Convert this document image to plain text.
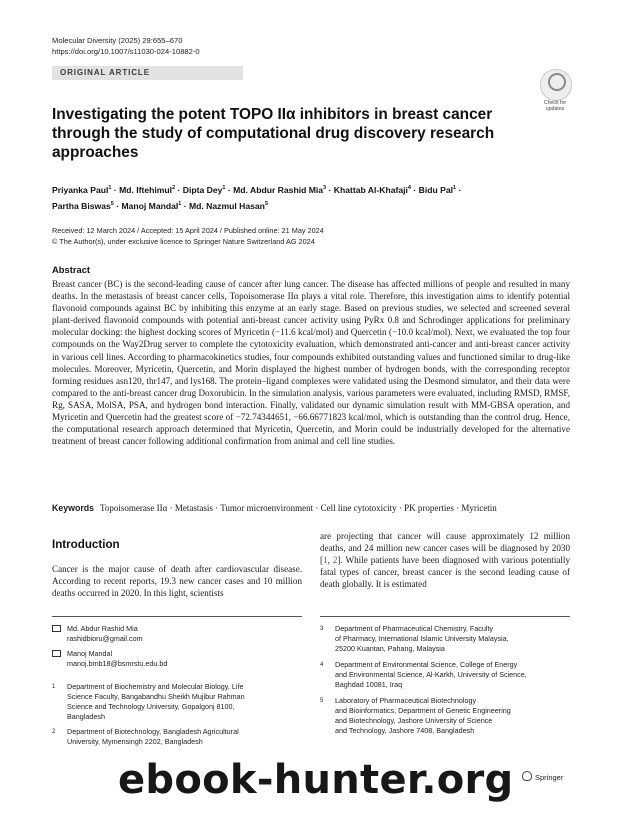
Molecular Diversity (2025) 29:655–670
https://doi.org/10.1007/s11030-024-10882-0
ORIGINAL ARTICLE
Check for
updates
Investigating the potent TOPO IIα inhibitors in breast cancer through the study of computational drug discovery research approaches
Priyanka Paul$^1$ · Md. Iftehimul$^2$ · Dipta Dey$^1$ · Md. Abdur Rashid Mia$^3$ · Khattab Al‑Khafaji$^4$ · Bidu Pal$^1$ ·
Partha Biswas$^5$ · Manoj Mandal$^1$ · Md. Nazmul Hasan$^5$
Received: 12 March 2024 / Accepted: 15 April 2024 / Published online: 21 May 2024
© The Author(s), under exclusive licence to Springer Nature Switzerland AG 2024
Abstract
Breast cancer (BC) is the second-leading cause of cancer after lung cancer. The disease has affected millions of people and resulted in many deaths. In the metastasis of breast cancer cells, Topoisomerase IIα plays a vital role. Therefore, this investigation aims to identify potential flavonoid compounds against BC by inhibiting this enzyme at an early stage. Based on previous studies, we selected and screened several plant-derived flavonoid compounds with potential anti-breast cancer activity using PyRx 0.8 and Schrodinger applications for preliminary molecular docking: the highest docking scores of Myricetin (−11.6 kcal/mol) and Quercetin (−10.0 kcal/mol). Next, we evaluated the top four compounds on the Way2Drug server to complete the cytotoxicity evaluation, which demonstrated anti-cancer and anti-breast cancer activity in various cell lines. According to pharmacokinetics studies, four compounds exhibited outstanding values and functioned similar to drug-like molecules. Moreover, Myricetin, Quercetin, and Morin displayed the highest number of hydrogen bonds, with the corresponding receptor forming residues asn120, thr147, and lys168. The protein–ligand complexes were validated using the Desmond simulator, and their data were compared to the anti-breast cancer drug Doxorubicin. In the simulation analysis, various parameters were evaluated, including RMSD, RMSF, Rg, SASA, MolSA, PSA, and hydrogen bond interaction. Finally, validated our dynamic simulation result with MM-GBSA operation, and Myricetin and Quercetin had the greatest score of −72.74344651, −66.66771823 kcal/mol, which is outstanding than the control drug. Hence, the computational research approach determined that Myricetin, Quercetin, and Morin could be industrially developed for the alternative treatment of breast cancer following additional confirmation from animal and cell line studies.
Keywords Topoisomerase IIα · Metastasis · Tumor microenvironment · Cell line cytotoxicity · PK properties · Myricetin
Introduction
Cancer is the major cause of death after cardiovascular disease. According to recent reports, 19.3 new cancer cases and 10 million deaths occurred in 2020. In this light, scientists
are projecting that cancer will cause approximately 12 million deaths, and 24 million new cancer cases will be diagnosed by 2030 [1, 2]. While patients have been diagnosed with various potentially fatal types of cancer, breast cancer is the second leading cause of death globally. It is estimated
Md. Abdur Rashid Mia
rashidbioru@gmail.com
Manoj Mandal
manoj.bmb18@bsmrstu.edu.bd
1 Department of Biochemistry and Molecular Biology, Life
Science Faculty, Bangabandhu Sheikh Mujibur Rahman
Science and Technology University, Gopalgonj 8100,
Bangladesh
2 Department of Biotechnology, Bangladesh Agricultural
University, Mymensingh 2202, Bangladesh
3 Department of Pharmaceutical Chemistry, Faculty
of Pharmacy, International Islamic University Malaysia,
25200 Kuantan, Pahang, Malaysia
4 Department of Environmental Science, College of Energy
and Environmental Science, Al-Karkh, University of Science,
Baghdad 10081, Iraq
5 Laboratory of Pharmaceutical Biotechnology
and Bioinformatics, Department of Genetic Engineering
and Biotechnology, Jashore University of Science
and Technology, Jashore 7408, Bangladesh
Springer
ebook-hunter.org
